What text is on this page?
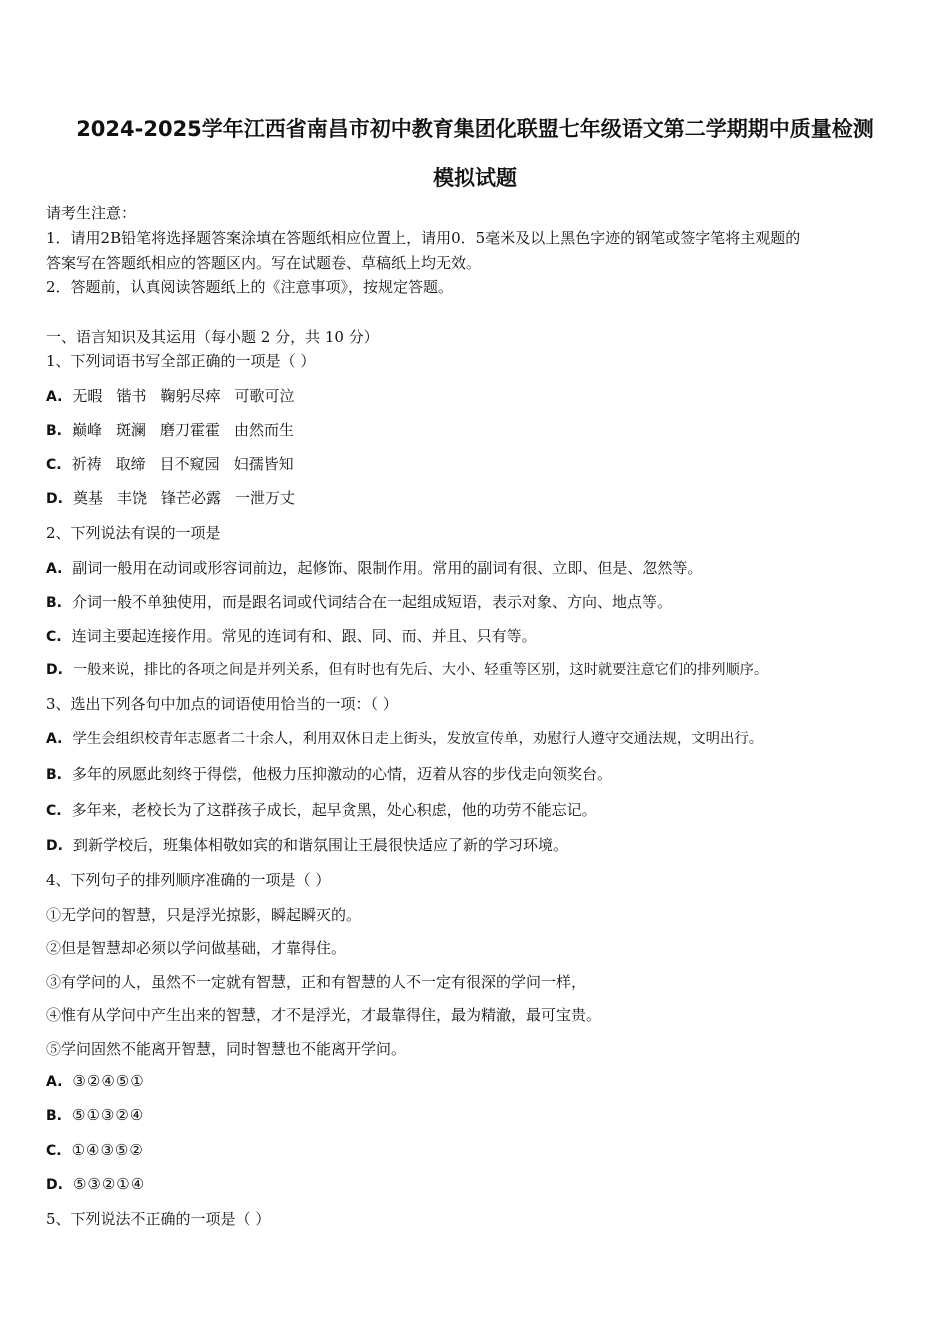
2024-2025学年江西省南昌市初中教育集团化联盟七年级语文第二学期期中质量检测
模拟试题
请考生注意：
1．请用2B铅笔将选择题答案涂填在答题纸相应位置上，请用0．5毫米及以上黑色字迹的钢笔或签字笔将主观题的
答案写在答题纸相应的答题区内。写在试题卷、草稿纸上均无效。
2．答题前，认真阅读答题纸上的《注意事项》，按规定答题。
一、语言知识及其运用（每小题 2 分，共 10 分）
1、下列词语书写全部正确的一项是（ ）
A. 无暇 锴书 鞠躬尽瘁 可歌可泣
B. 巅峰 斑澜 磨刀霍霍 由然而生
C. 祈祷 取缔 目不窥园 妇孺皆知
D. 奠基 丰饶 锋芒必露 一泄万丈
2、下列说法有误的一项是
A. 副词一般用在动词或形容词前边，起修饰、限制作用。常用的副词有很、立即、但是、忽然等。
B. 介词一般不单独使用，而是跟名词或代词结合在一起组成短语，表示对象、方向、地点等。
C. 连词主要起连接作用。常见的连词有和、跟、同、而、并且、只有等。
D. 一般来说，排比的各项之间是并列关系，但有时也有先后、大小、轻重等区别，这时就要注意它们的排列顺序。
3、选出下列各句中加点的词语使用恰当的一项：（ ）
A. 学生会组织校青年志愿者二十余人，利用双休日走上街头，发放宣传单，劝慰行人遵守交通法规，文明出行。
B. 多年的夙愿此刻终于得偿，他极力压抑激动的心情，迈着从容的步伐走向领奖台。
C. 多年来，老校长为了这群孩子成长，起早贪黑，处心积虑，他的功劳不能忘记。
D. 到新学校后，班集体相敬如宾的和谐氛围让王晨很快适应了新的学习环境。
4、下列句子的排列顺序准确的一项是（ ）
①无学问的智慧，只是浮光掠影，瞬起瞬灭的。
②但是智慧却必须以学问做基础，才靠得住。
③有学问的人，虽然不一定就有智慧，正和有智慧的人不一定有很深的学问一样，
④惟有从学问中产生出来的智慧，才不是浮光，才最靠得住，最为精澈，最可宝贵。
⑤学问固然不能离开智慧，同时智慧也不能离开学问。
A. ③②④⑤①
B. ⑤①③②④
C. ①④③⑤②
D. ⑤③②①④
5、下列说法不正确的一项是（ ）
